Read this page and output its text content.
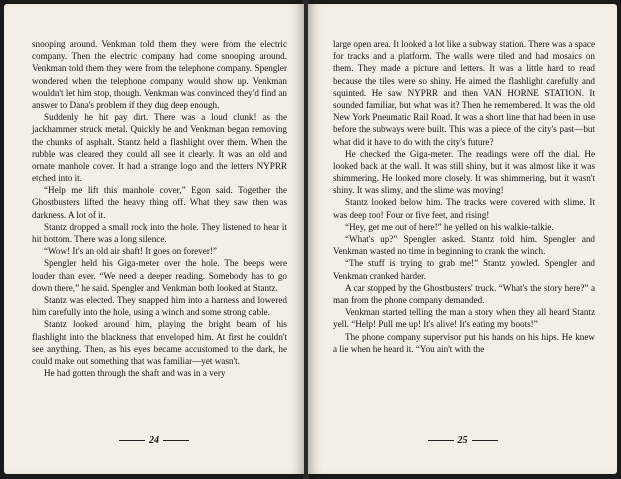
snooping around. Venkman told them they were from the electric company. Then the electric company had come snooping around. Venkman told them they were from the telephone company. Spengler wondered when the telephone company would show up. Venkman wouldn't let him stop, though. Venkman was convinced they'd find an answer to Dana's problem if they dug deep enough.

Suddenly he hit pay dirt. There was a loud clunk! as the jackhammer struck metal. Quickly he and Venkman began removing the chunks of asphalt. Stantz held a flashlight over them. When the rubble was cleared they could all see it clearly. It was an old and ornate manhole cover. It had a strange logo and the letters NYPRR etched into it.

“Help me lift this manhole cover,” Egon said. Together the Ghostbusters lifted the heavy thing off. What they saw then was darkness. A lot of it.

Stantz dropped a small rock into the hole. They listened to hear it hit bottom. There was a long silence.

“Wow! It's an old air shaft! It goes on forever!”

Spengler held his Giga-meter over the hole. The beeps were louder than ever. “We need a deeper reading. Somebody has to go down there,” he said. Spengler and Venkman both looked at Stantz.

Stantz was elected. They snapped him into a harness and lowered him carefully into the hole, using a winch and some strong cable.

Stantz looked around him, playing the bright beam of his flashlight into the blackness that enveloped him. At first he couldn't see anything. Then, as his eyes became accustomed to the dark, he could make out something that was familiar—yet wasn't.

He had gotten through the shaft and was in a very

24

large open area. It looked a lot like a subway station. There was a space for tracks and a platform. The walls were tiled and had mosaics on them. They made a picture and letters. It was a little hard to read because the tiles were so shiny. He aimed the flashlight carefully and squinted. He saw NYPRR and then VAN HORNE STATION. It sounded familiar, but what was it? Then he remembered. It was the old New York Pneumatic Rail Road. It was a short line that had been in use before the subways were built. This was a piece of the city's past—but what did it have to do with the city's future?

He checked the Giga-meter. The readings were off the dial. He looked back at the wall. It was still shiny, but it was almost like it was shimmering. He looked more closely. It was shimmering, but it wasn't shiny. It was slimy, and the slime was moving!

Stantz looked below him. The tracks were covered with slime. It was deep too! Four or five feet, and rising!

“Hey, get me out of here!” he yelled on his walkie-talkie.

“What's up?” Spengler asked. Stantz told him. Spengler and Venkman wasted no time in beginning to crank the winch.

“The stuff is trying to grab me!” Stantz yowled. Spengler and Venkman cranked harder.

A car stopped by the Ghostbusters' truck. “What's the story here?” a man from the phone company demanded.

Venkman started telling the man a story when they all heard Stantz yell. “Help! Pull me up! It's alive! It's eating my boots!”

The phone company supervisor put his hands on his hips. He knew a lie when he heard it. “You ain't with the

25
